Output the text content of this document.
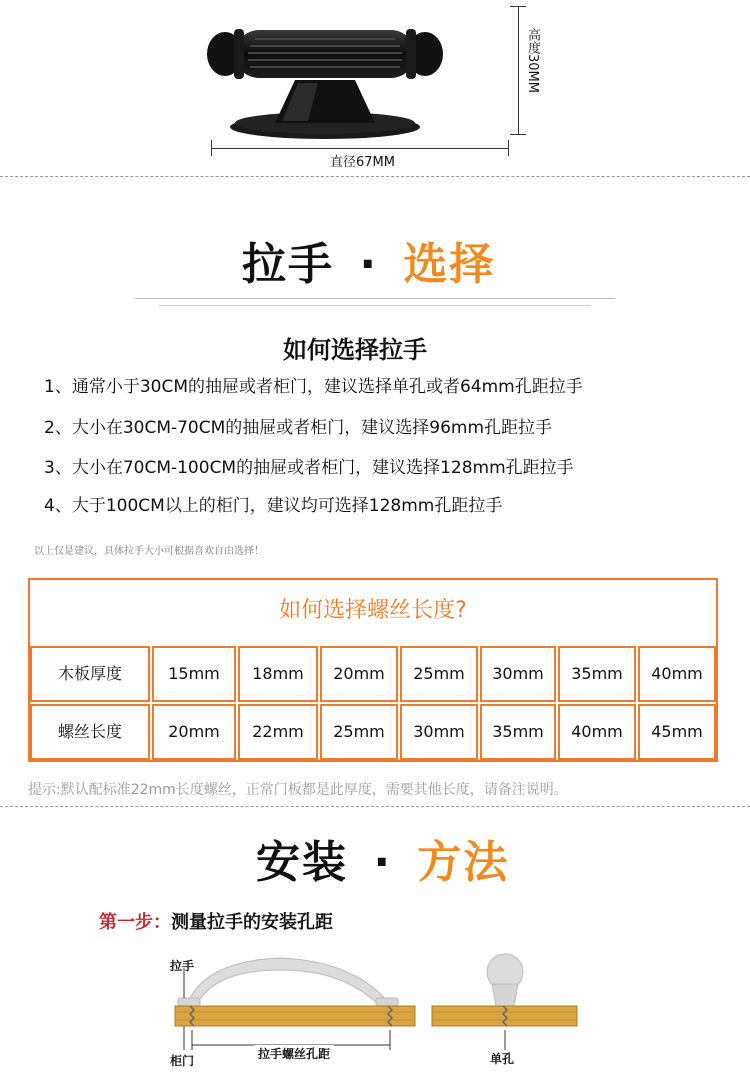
高度30MM
直径67MM
拉手 · 选择
如何选择拉手
1、通常小于30CM的抽屉或者柜门，建议选择单孔或者64mm孔距拉手
2、大小在30CM-70CM的抽屉或者柜门，建议选择96mm孔距拉手
3、大小在70CM-100CM的抽屉或者柜门，建议选择128mm孔距拉手
4、大于100CM以上的柜门，建议均可选择128mm孔距拉手
以上仅是建议，具体拉手大小可根据喜欢自由选择！
如何选择螺丝长度?
木板厚度	15mm	18mm	20mm	25mm	30mm	35mm	40mm
螺丝长度	20mm	22mm	25mm	30mm	35mm	40mm	45mm
提示:默认配标准22mm长度螺丝，正常门板都是此厚度，需要其他长度，请备注说明。
安装 · 方法
第一步：测量拉手的安装孔距
拉手
柜门	拉手螺丝孔距	单孔
